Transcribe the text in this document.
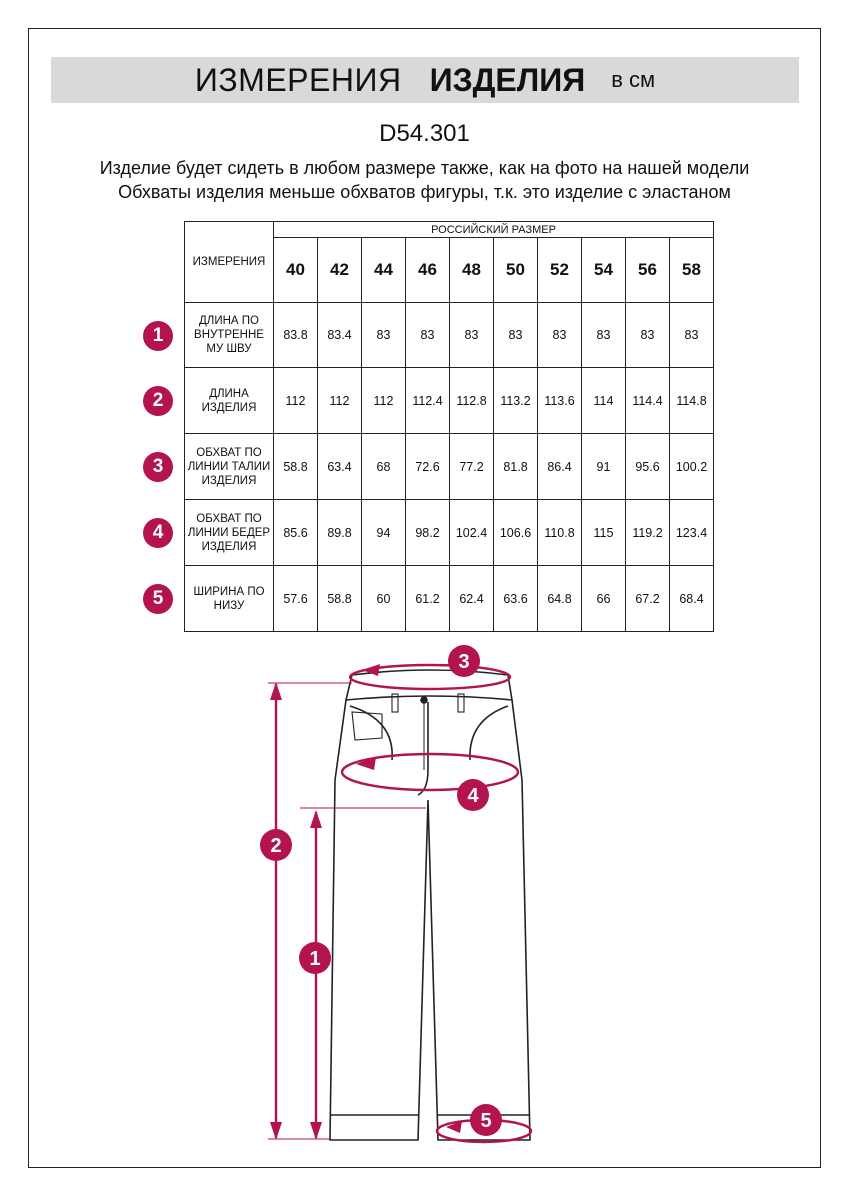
ИЗМЕРЕНИЯ ИЗДЕЛИЯ в см
D54.301
Изделие будет сидеть в любом размере также, как на фото на нашей модели
Обхваты изделия меньше обхватов фигуры, т.к. это изделие с эластаном
ИЗМЕРЕНИЯ	РОССИЙСКИЙ РАЗМЕР									
	40	42	44	46	48	50	52	54	56	58
ДЛИНА ПО ВНУТРЕННЕ МУ ШВУ	83.8	83.4	83	83	83	83	83	83	83	83
ДЛИНА ИЗДЕЛИЯ	112	112	112	112.4	112.8	113.2	113.6	114	114.4	114.8
ОБХВАТ ПО ЛИНИИ ТАЛИИ ИЗДЕЛИЯ	58.8	63.4	68	72.6	77.2	81.8	86.4	91	95.6	100.2
ОБХВАТ ПО ЛИНИИ БЕДЕР ИЗДЕЛИЯ	85.6	89.8	94	98.2	102.4	106.6	110.8	115	119.2	123.4
ШИРИНА ПО НИЗУ	57.6	58.8	60	61.2	62.4	63.6	64.8	66	67.2	68.4
1
2
3
4
5
3
4
2
1
5
